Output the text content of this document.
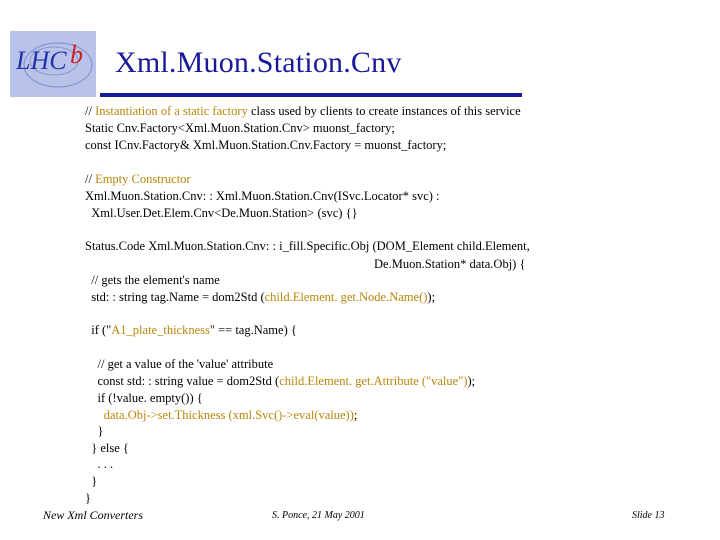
LHC b Xml.Muon.Station.Cnv
// Instantiation of a static factory class used by clients to create instances of this service
Static Cnv.Factory<Xml.Muon.Station.Cnv> muonst_factory;
const ICnv.Factory& Xml.Muon.Station.Cnv.Factory = muonst_factory;
// Empty Constructor
Xml.Muon.Station.Cnv: : Xml.Muon.Station.Cnv(ISvc.Locator* svc) :
Xml.User.Det.Elem.Cnv<De.Muon.Station> (svc) {}
Status.Code Xml.Muon.Station.Cnv: : i_fill.Specific.Obj (DOM_Element child.Element,
De.Muon.Station* data.Obj) {
// gets the element's name
std: : string tag.Name = dom2Std (child.Element. get.Node.Name());
if ("A1_plate_thickness" == tag.Name) {
// get a value of the 'value' attribute
const std: : string value = dom2Std (child.Element. get.Attribute ("value"));
if (!value. empty()) {
data.Obj->set.Thickness (xml.Svc()->eval(value));
}
} else {
. . .
}
}
New Xml Converters	S. Ponce, 21 May 2001	Slide 13
